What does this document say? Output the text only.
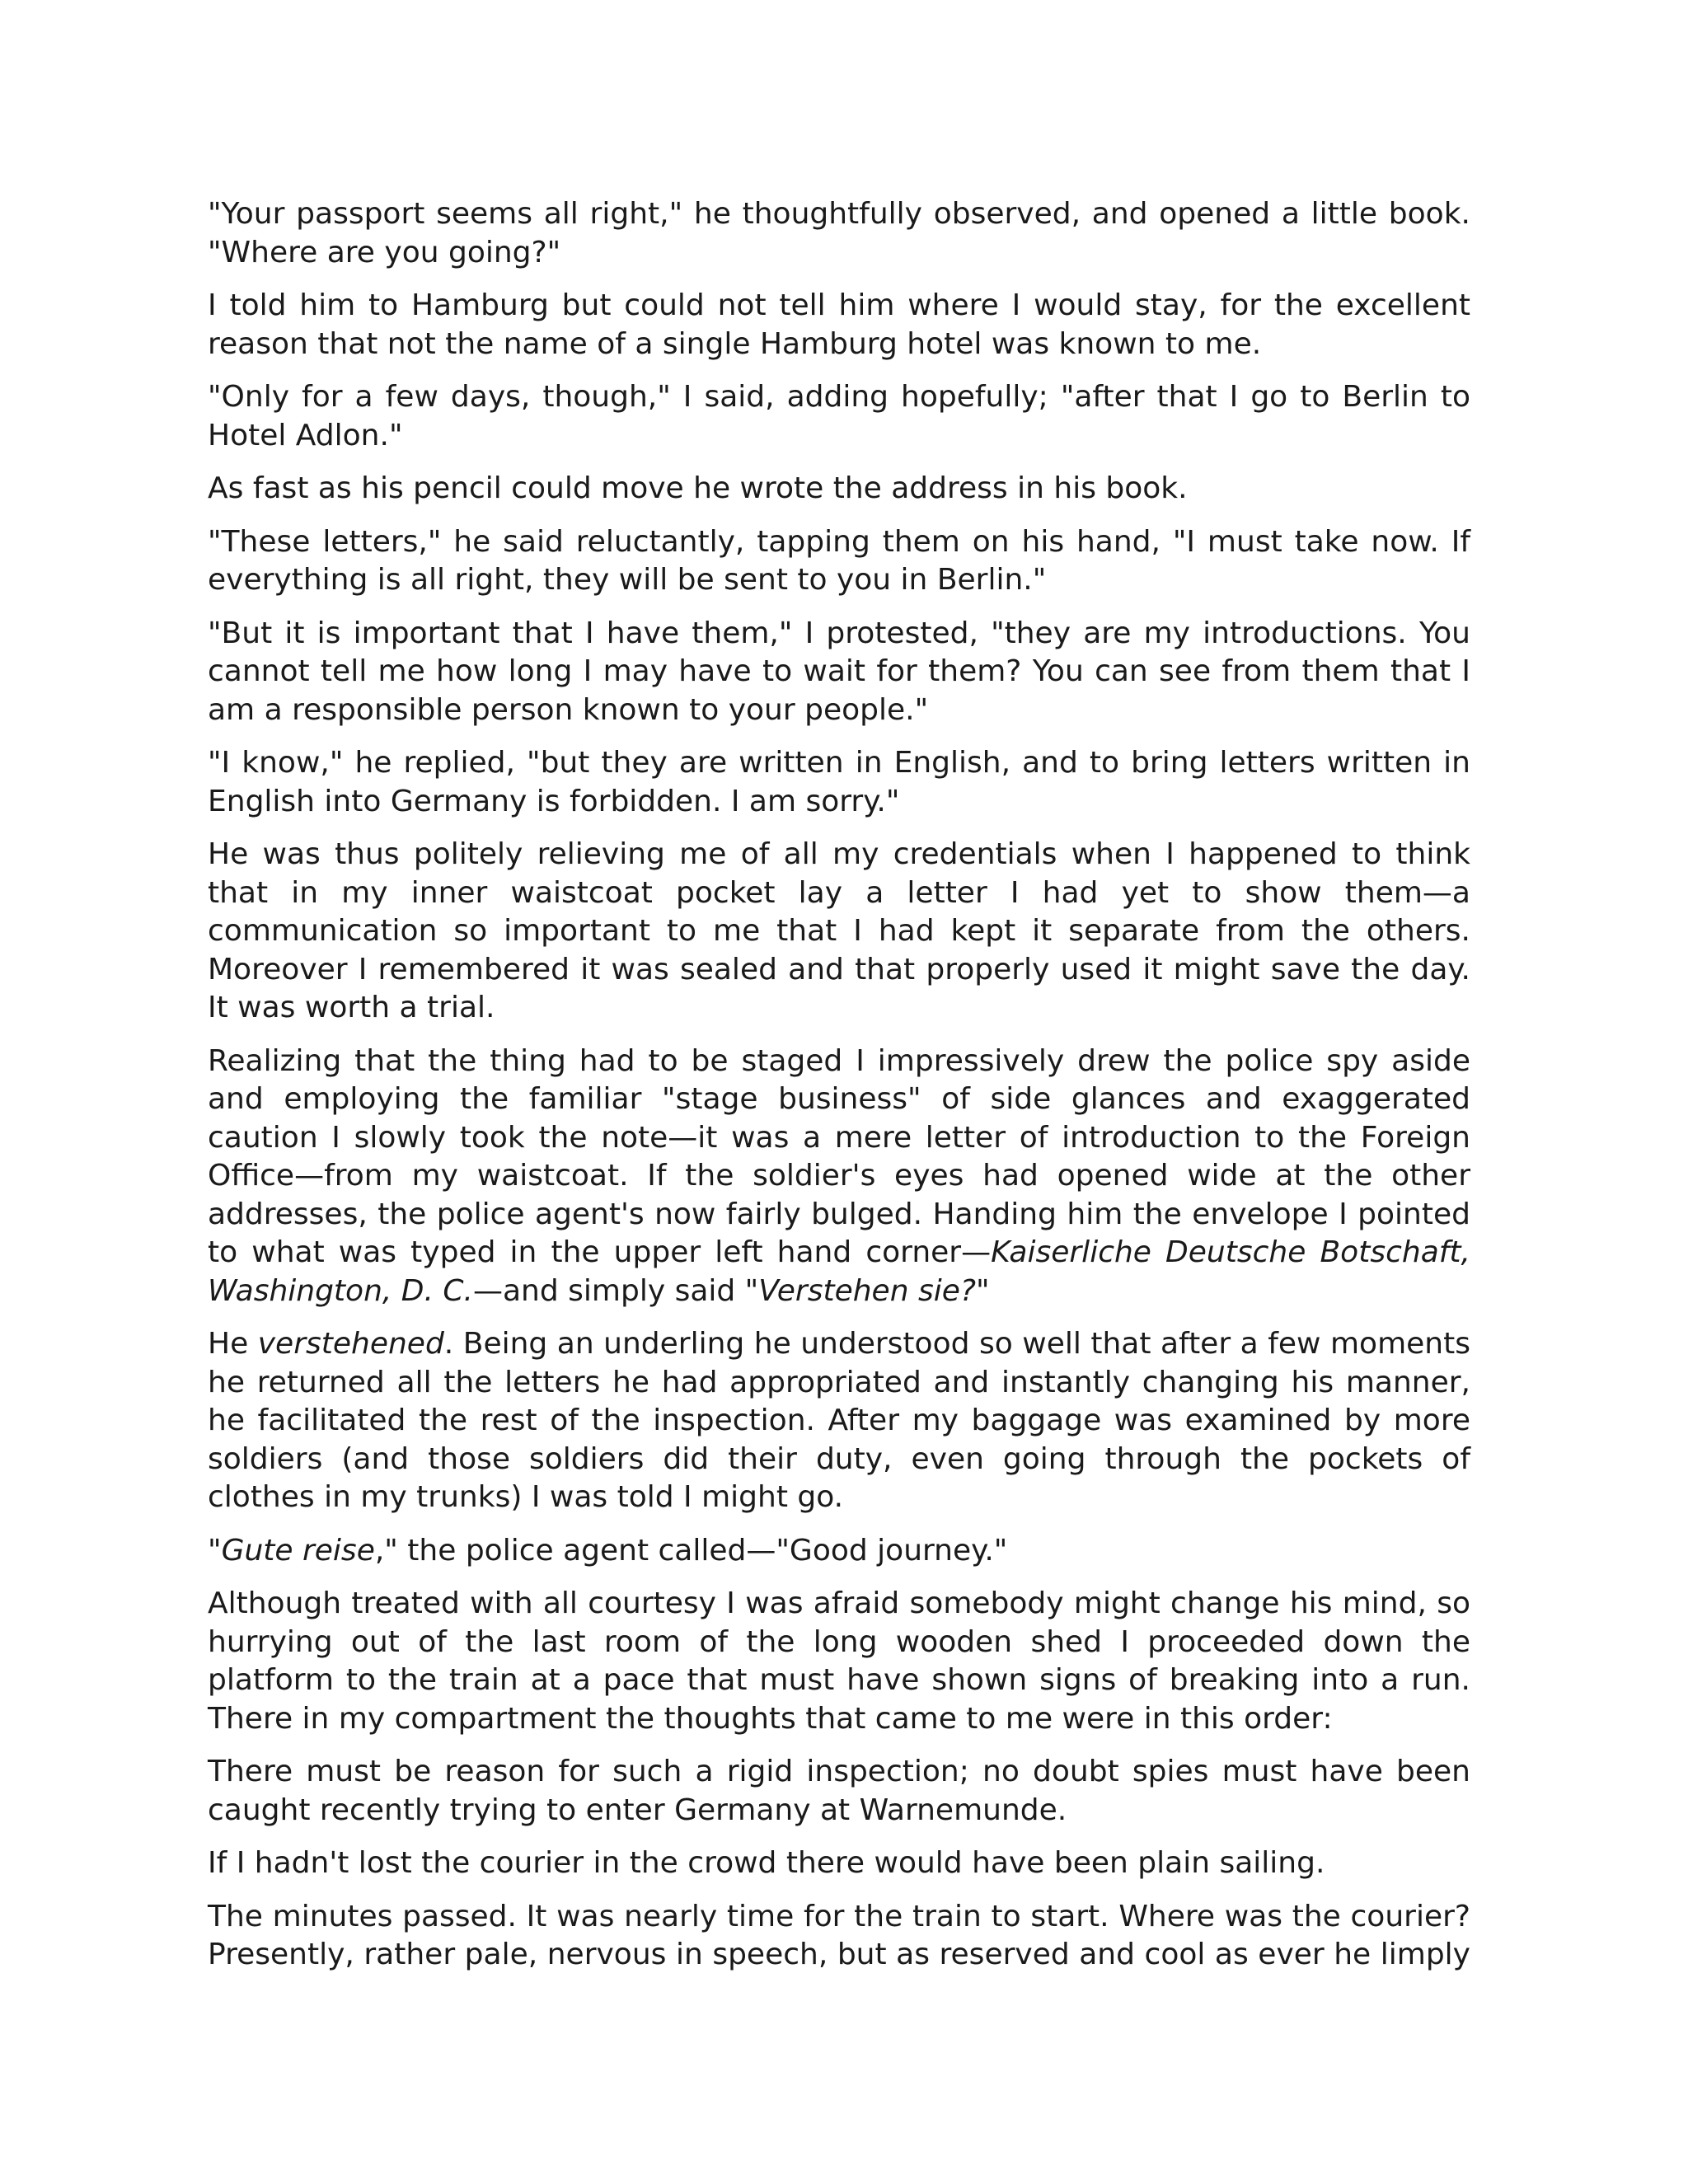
"Your passport seems all right," he thoughtfully observed, and opened a little book. "Where are you going?"

I told him to Hamburg but could not tell him where I would stay, for the excellent reason that not the name of a single Hamburg hotel was known to me.

"Only for a few days, though," I said, adding hopefully; "after that I go to Berlin to Hotel Adlon."

As fast as his pencil could move he wrote the address in his book.

"These letters," he said reluctantly, tapping them on his hand, "I must take now. If everything is all right, they will be sent to you in Berlin."

"But it is important that I have them," I protested, "they are my introductions. You cannot tell me how long I may have to wait for them? You can see from them that I am a responsible person known to your people."

"I know," he replied, "but they are written in English, and to bring letters written in English into Germany is forbidden. I am sorry."

He was thus politely relieving me of all my credentials when I happened to think that in my inner waistcoat pocket lay a letter I had yet to show them—a communication so important to me that I had kept it separate from the others. Moreover I remembered it was sealed and that properly used it might save the day. It was worth a trial.

Realizing that the thing had to be staged I impressively drew the police spy aside and employing the familiar "stage business" of side glances and exaggerated caution I slowly took the note—it was a mere letter of introduction to the Foreign Office—from my waistcoat. If the soldier's eyes had opened wide at the other addresses, the police agent's now fairly bulged. Handing him the envelope I pointed to what was typed in the upper left hand corner—Kaiserliche Deutsche Botschaft, Washington, D. C.—and simply said "Verstehen sie?"

He verstehened. Being an underling he understood so well that after a few moments he returned all the letters he had appropriated and instantly changing his manner, he facilitated the rest of the inspection. After my baggage was examined by more soldiers (and those soldiers did their duty, even going through the pockets of clothes in my trunks) I was told I might go.

"Gute reise," the police agent called—"Good journey."

Although treated with all courtesy I was afraid somebody might change his mind, so hurrying out of the last room of the long wooden shed I proceeded down the platform to the train at a pace that must have shown signs of breaking into a run. There in my compartment the thoughts that came to me were in this order:

There must be reason for such a rigid inspection; no doubt spies must have been caught recently trying to enter Germany at Warnemunde.

If I hadn't lost the courier in the crowd there would have been plain sailing.

The minutes passed. It was nearly time for the train to start. Where was the courier? Presently, rather pale, nervous in speech, but as reserved and cool as ever he limply
